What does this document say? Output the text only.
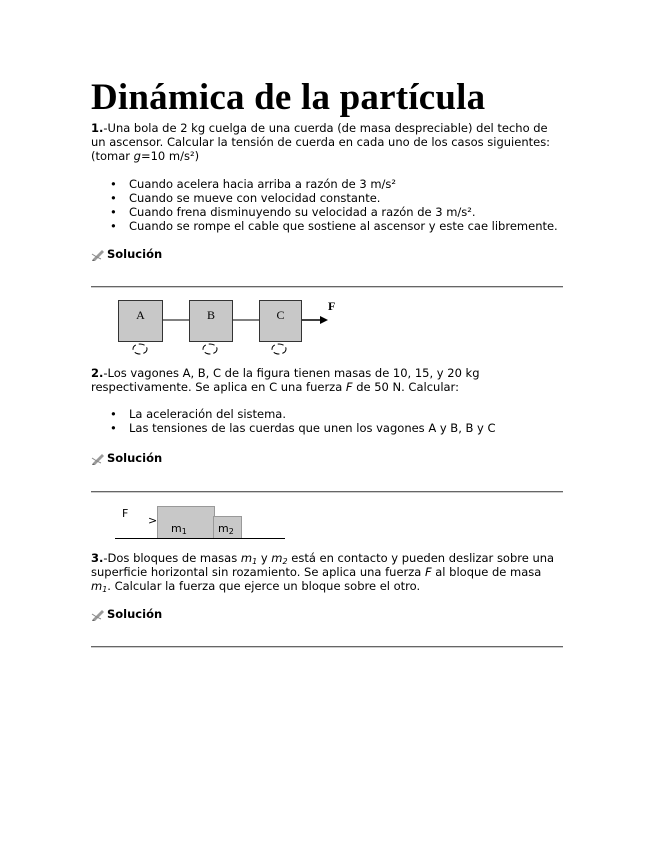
Dinámica de la partícula
1.-Una bola de 2 kg cuelga de una cuerda (de masa despreciable) del techo de un ascensor. Calcular la tensión de cuerda en cada uno de los casos siguientes: (tomar g=10 m/s²)
• Cuando acelera hacia arriba a razón de 3 m/s²
• Cuando se mueve con velocidad constante.
• Cuando frena disminuyendo su velocidad a razón de 3 m/s².
• Cuando se rompe el cable que sostiene al ascensor y este cae libremente.
Solución
A	B	C
F
2.-Los vagones A, B, C de la figura tienen masas de 10, 15, y 20 kg respectivamente. Se aplica en C una fuerza F de 50 N. Calcular:
• La aceleración del sistema.
• Las tensiones de las cuerdas que unen los vagones A y B, B y C
Solución
F
>
$m_1$	$m_2$
3.-Dos bloques de masas $m_1$ y $m_2$ está en contacto y pueden deslizar sobre una superficie horizontal sin rozamiento. Se aplica una fuerza F al bloque de masa $m_1$. Calcular la fuerza que ejerce un bloque sobre el otro.
Solución
